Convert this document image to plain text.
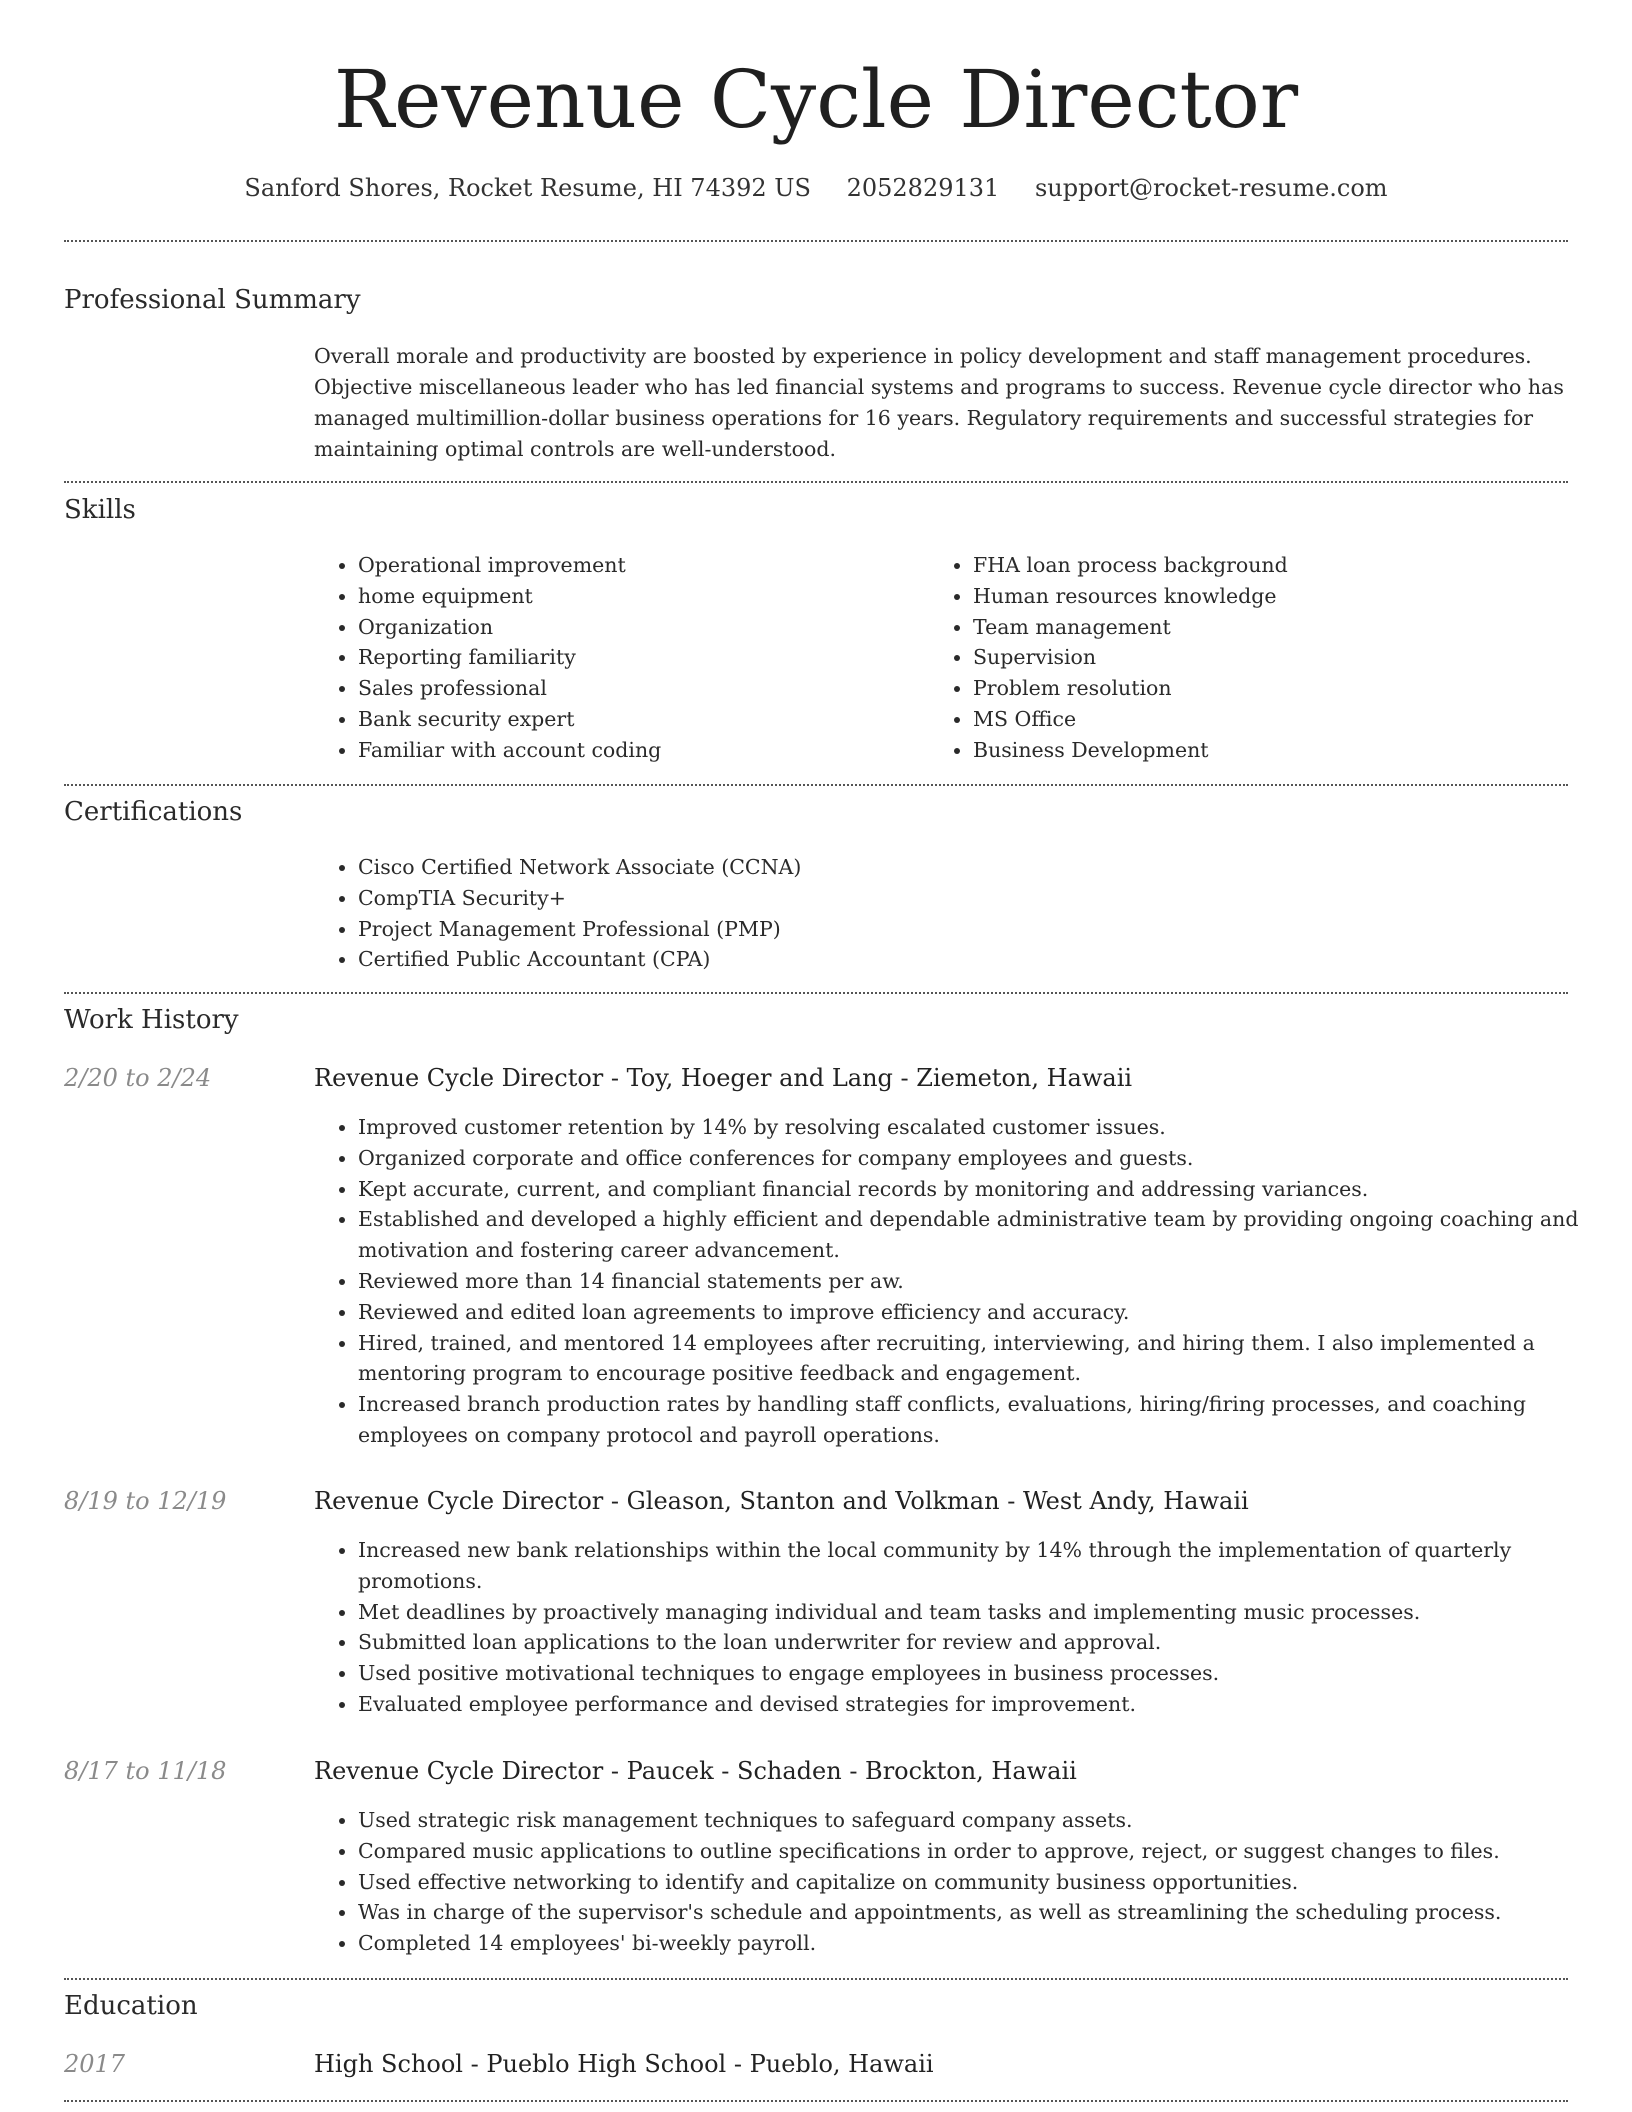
Revenue Cycle Director
Sanford Shores, Rocket Resume, HI 74392 US 2052829131 support@rocket-resume.com
Professional Summary
Overall morale and productivity are boosted by experience in policy development and staff management procedures. Objective miscellaneous leader who has led financial systems and programs to success. Revenue cycle director who has managed multimillion-dollar business operations for 16 years. Regulatory requirements and successful strategies for maintaining optimal controls are well-understood.
Skills
• Operational improvement
• home equipment
• Organization
• Reporting familiarity
• Sales professional
• Bank security expert
• Familiar with account coding
• FHA loan process background
• Human resources knowledge
• Team management
• Supervision
• Problem resolution
• MS Office
• Business Development
Certifications
• Cisco Certified Network Associate (CCNA)
• CompTIA Security+
• Project Management Professional (PMP)
• Certified Public Accountant (CPA)
Work History
2/20 to 2/24	Revenue Cycle Director - Toy, Hoeger and Lang - Ziemeton, Hawaii
• Improved customer retention by 14% by resolving escalated customer issues.
• Organized corporate and office conferences for company employees and guests.
• Kept accurate, current, and compliant financial records by monitoring and addressing variances.
• Established and developed a highly efficient and dependable administrative team by providing ongoing coaching and motivation and fostering career advancement.
• Reviewed more than 14 financial statements per aw.
• Reviewed and edited loan agreements to improve efficiency and accuracy.
• Hired, trained, and mentored 14 employees after recruiting, interviewing, and hiring them. I also implemented a mentoring program to encourage positive feedback and engagement.
• Increased branch production rates by handling staff conflicts, evaluations, hiring/firing processes, and coaching employees on company protocol and payroll operations.
8/19 to 12/19	Revenue Cycle Director - Gleason, Stanton and Volkman - West Andy, Hawaii
• Increased new bank relationships within the local community by 14% through the implementation of quarterly promotions.
• Met deadlines by proactively managing individual and team tasks and implementing music processes.
• Submitted loan applications to the loan underwriter for review and approval.
• Used positive motivational techniques to engage employees in business processes.
• Evaluated employee performance and devised strategies for improvement.
8/17 to 11/18	Revenue Cycle Director - Paucek - Schaden - Brockton, Hawaii
• Used strategic risk management techniques to safeguard company assets.
• Compared music applications to outline specifications in order to approve, reject, or suggest changes to files.
• Used effective networking to identify and capitalize on community business opportunities.
• Was in charge of the supervisor's schedule and appointments, as well as streamlining the scheduling process.
• Completed 14 employees' bi-weekly payroll.
Education
2017	High School - Pueblo High School - Pueblo, Hawaii
